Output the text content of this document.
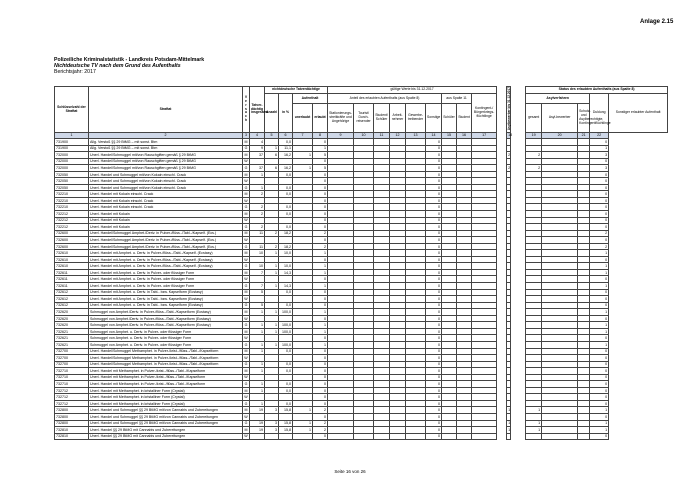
Anlage 2.15
Polizeiliche Kriminalstatistik - Landkreis Potsdam-Mittelmark
Nichtdeutsche TV nach dem Grund des Aufenthalts
Berichtsjahr: 2017
Schlüsselzahl der Straftat	Straftat	V e r s u c h	Tatver-dächtig insgesamt	nichtdeutsche Tatverdächtige				gültige Werte bis 31.12.2017										Asylbewerber bis 31.12.2017		Status des erlaubten Aufenthalts (aus Spalte 8)				
				Anzahl	in %	Aufenthalt		Anteil des erlaubten Aufenthalts (aus Spalte 8)						aus Spalte 11		Kontingent-/ Bürgerkriegs-flüchtlinge				Asylverfahren			Duldung	Sonstiger erlaubter Aufenthalt
						unerlaubt	erlaubt	Stationierungs-streitkräfte und Angehörige	Tourist/ Durch-reisender	Student/ Schüler	Arbeit-nehmer	Gewerbe-treibender	Sonstige	Schüler	Student					gesamt	Asyl-bewerber	Schutz- und Asylberechtigte, Kontingentflüchtlinge		
1	2	3	4	5	6	7	8	9	10	11	12	13	14	15	16	17		18		19	20	21	22	
731900	Allg. Verstoß §§ 29 BtMG – mit sonst. Btm	M	4		0,0		0						0										0	
731900	Allg. Verstoß §§ 29 BtMG – mit sonst. Btm	G	9	1	11,1		1						0										1	
732000	Unerl. Handel/Schmuggel mit/von Rauschgiften gemäß § 29 BtMG	M	37	6	16,2	1	5						0					2		2			3	
732000	Unerl. Handel/Schmuggel mit/von Rauschgiften gemäß § 29 BtMG	W					0						0										0	
732000	Unerl. Handel/Schmuggel mit/von Rauschgiften gemäß § 29 BtMG	G	37	6	16,2	1	5						0					2		2			3	
732050	Unerl. Handel und Schmuggel mit/von Kokain einschl. Crack	M	1		0,0		0						0										0	
732050	Unerl. Handel und Schmuggel mit/von Kokain einschl. Crack	W					0						0										0	
732050	Unerl. Handel und Schmuggel mit/von Kokain einschl. Crack	G	1		0,0		0						0										0	
732210	Unerl. Handel mit Kokain einschl. Crack	M	2		0,0		0						0										0	
732210	Unerl. Handel mit Kokain einschl. Crack	W					0						0										0	
732210	Unerl. Handel mit Kokain einschl. Crack	G	2		0,0		0						0										0	
732212	Unerl. Handel mit Kokain	M	2		0,0		0						0										0	
732212	Unerl. Handel mit Kokain	W					0						0										0	
732212	Unerl. Handel mit Kokain	G	2		0,0		0						0										0	
732600	Unerl. Handel/Schmuggel Amphet./Deriv. in Pulver-/flüss.-/Tabl.-/Kapself. (Ecs.)	M	11	2	18,2		2						0										2	
732600	Unerl. Handel/Schmuggel Amphet./Deriv. in Pulver-/flüss.-/Tabl.-/Kapself. (Ecs.)	W					0						0										0	
732600	Unerl. Handel/Schmuggel Amphet./Deriv. in Pulver-/flüss.-/Tabl.-/Kapself. (Ecs.)	G	11	2	18,2		2						0										2	
732610	Unerl. Handel mit Amphet. u. Deriv. in Pulver-/flüss.-/Tabl.-/Kapself. (Ecstasy)	M	10	1	10,0		1						0										1	
732610	Unerl. Handel mit Amphet. u. Deriv. in Pulver-/flüss.-/Tabl.-/Kapself. (Ecstasy)	W					0						0										0	
732610	Unerl. Handel mit Amphet. u. Deriv. in Pulver-/flüss.-/Tabl.-/Kapself. (Ecstasy)	G	10	1	10,0		1						0										1	
732611	Unerl. Handel mit Amphet. u. Deriv. in Pulver- oder flüssiger Form	M	7	1	14,3		1						0										1	
732611	Unerl. Handel mit Amphet. u. Deriv. in Pulver- oder flüssiger Form	W					0						0										0	
732611	Unerl. Handel mit Amphet. u. Deriv. in Pulver- oder flüssiger Form	G	7	1	14,3		1						0										1	
732612	Unerl. Handel mit Amphet. u. Deriv. in Tabl.- bzw. Kapselform (Ecstasy)	M	5		0,0		0						0										0	
732612	Unerl. Handel mit Amphet. u. Deriv. in Tabl.- bzw. Kapselform (Ecstasy)	W					0						0										0	
732612	Unerl. Handel mit Amphet. u. Deriv. in Tabl.- bzw. Kapselform (Ecstasy)	G	5		0,0		0						0										0	
732620	Schmuggel von Amphet./Deriv. in Pulver-/flüss.-/Tabl.-/Kapselform (Ecstasy)	M	1	1	100,0		1						0										1	
732620	Schmuggel von Amphet./Deriv. in Pulver-/flüss.-/Tabl.-/Kapselform (Ecstasy)	W					0						0										0	
732620	Schmuggel von Amphet./Deriv. in Pulver-/flüss.-/Tabl.-/Kapselform (Ecstasy)	G	1	1	100,0		1						0										1	
732621	Schmuggel von Amphet. u. Deriv. in Pulver- oder flüssiger Form	M	1	1	100,0		1						0										1	
732621	Schmuggel von Amphet. u. Deriv. in Pulver- oder flüssiger Form	W					0						0										0	
732621	Schmuggel von Amphet. u. Deriv. in Pulver- oder flüssiger Form	G	1	1	100,0		1						0										1	
732700	Unerl. Handel/Schmuggel Methamphet. in Pulver-/krist.-/flüss.-/Tabl.-/Kapselform	M	1		0,0		0						0										0	
732700	Unerl. Handel/Schmuggel Methamphet. in Pulver-/krist.-/flüss.-/Tabl.-/Kapselform	W					0						0										0	
732700	Unerl. Handel/Schmuggel Methamphet. in Pulver-/krist.-/flüss.-/Tabl.-/Kapselform	G	1		0,0		0						0										0	
732710	Unerl. Handel mit Methamphet. in Pulver-/krist.-/flüss.-/Tabl.-/Kapselform	M	1		0,0		0						0										0	
732710	Unerl. Handel mit Methamphet. in Pulver-/krist.-/flüss.-/Tabl.-/Kapselform	W					0						0										0	
732710	Unerl. Handel mit Methamphet. in Pulver-/krist.-/flüss.-/Tabl.-/Kapselform	G	1		0,0		0						0										0	
732712	Unerl. Handel mit Methamphet. in kristalliner Form (Crystal)	M	1		0,0		0						0										0	
732712	Unerl. Handel mit Methamphet. in kristalliner Form (Crystal)	W					0						0										0	
732712	Unerl. Handel mit Methamphet. in kristalliner Form (Crystal)	G	1		0,0		0						0										0	
732800	Unerl. Handel und Schmuggel §§ 29 BtMG mit/von Cannabis und Zubereitungen	M	19	3	15,8	1	2						0					1		1			1	
732800	Unerl. Handel und Schmuggel §§ 29 BtMG mit/von Cannabis und Zubereitungen	W					0						0										0	
732800	Unerl. Handel und Schmuggel §§ 29 BtMG mit/von Cannabis und Zubereitungen	G	19	3	15,8	1	2						0					1		1			1	
732810	Unerl. Handel §§ 29 BtMG mit Cannabis und Zubereitungen	M	19	3	15,8	1	2						0					1		1			1	
732810	Unerl. Handel §§ 29 BtMG mit Cannabis und Zubereitungen	W					0						0										0	
Seite 16 von 26
